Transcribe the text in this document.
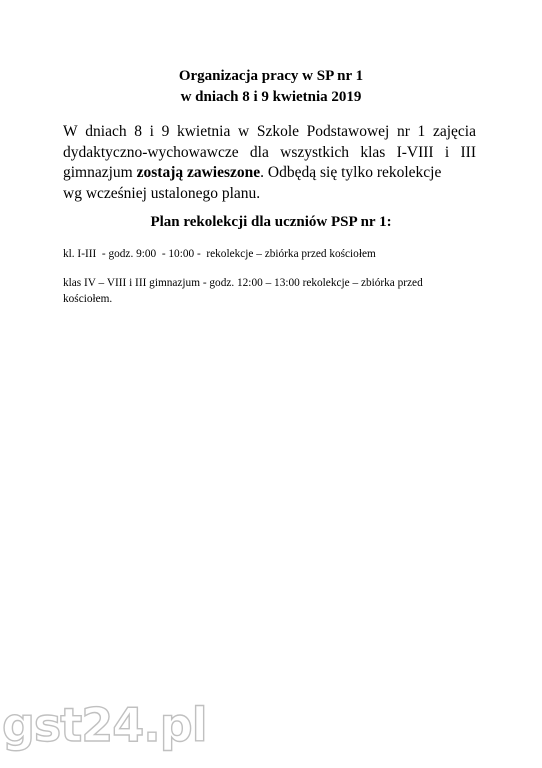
Organizacja pracy w SP nr 1
w dniach 8 i 9 kwietnia 2019
W dniach 8 i 9 kwietnia w Szkole Podstawowej nr 1 zajęcia
dydaktyczno-wychowawcze dla wszystkich klas I-VIII i III
gimnazjum zostają zawieszone. Odbędą się tylko rekolekcje
wg wcześniej ustalonego planu.
Plan rekolekcji dla uczniów PSP nr 1:
kl. I-III  - godz. 9:00  - 10:00 -  rekolekcje – zbiórka przed kościołem
klas IV – VIII i III gimnazjum - godz. 12:00 – 13:00 rekolekcje – zbiórka przed
kościołem.
gst24.pl
